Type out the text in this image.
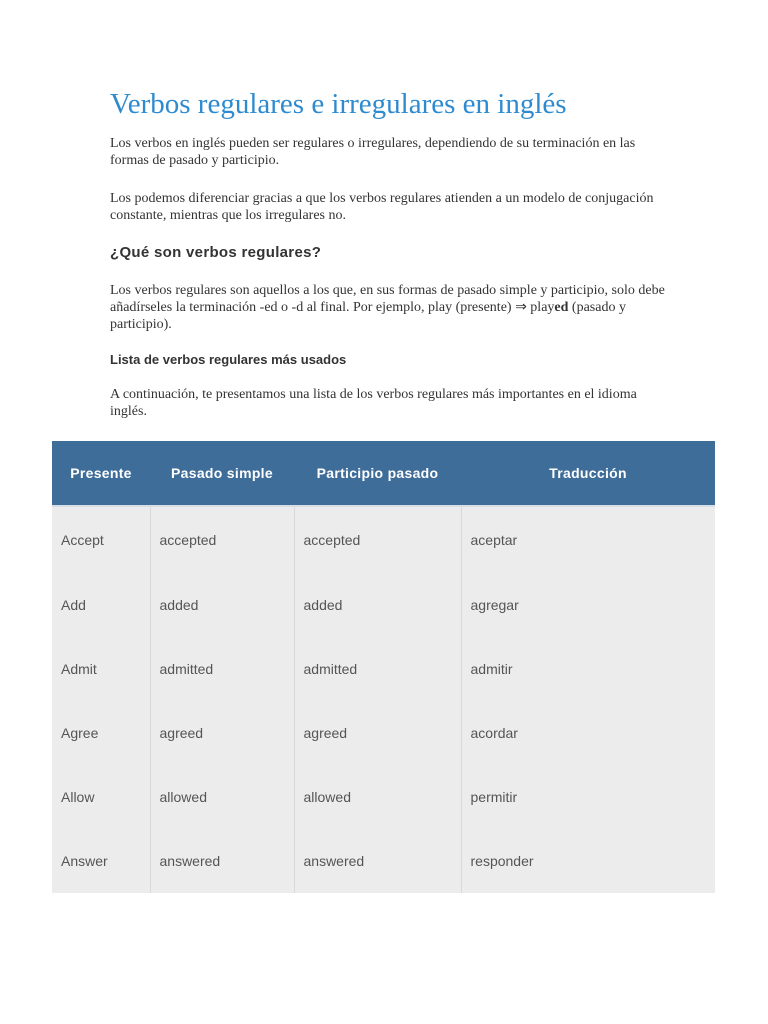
Verbos regulares e irregulares en inglés

Los verbos en inglés pueden ser regulares o irregulares, dependiendo de su terminación en las formas de pasado y participio.

Los podemos diferenciar gracias a que los verbos regulares atienden a un modelo de conjugación constante, mientras que los irregulares no.

¿Qué son verbos regulares?

Los verbos regulares son aquellos a los que, en sus formas de pasado simple y participio, solo debe añadírseles la terminación -ed o -d al final. Por ejemplo, play (presente) ⇒ played (pasado y participio).

Lista de verbos regulares más usados

A continuación, te presentamos una lista de los verbos regulares más importantes en el idioma inglés.

Presente	Pasado simple	Participio pasado	Traducción
Accept	accepted	accepted	aceptar
Add	added	added	agregar
Admit	admitted	admitted	admitir
Agree	agreed	agreed	acordar
Allow	allowed	allowed	permitir
Answer	answered	answered	responder
